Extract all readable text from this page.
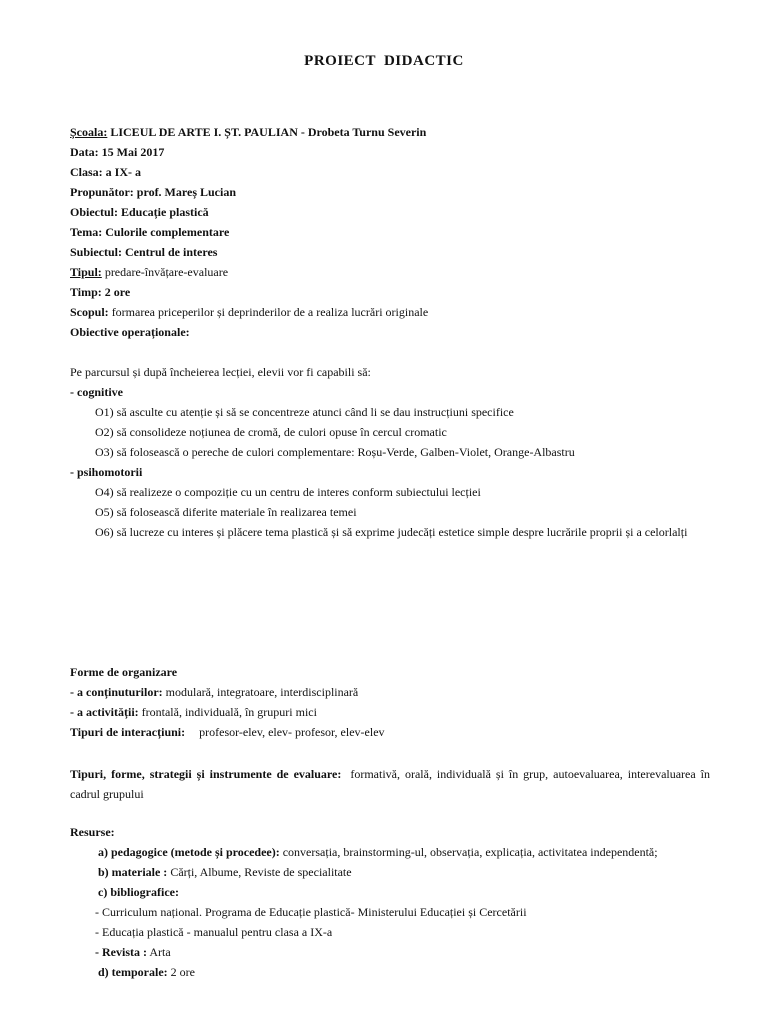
PROIECT DIDACTIC
Școala: LICEUL DE ARTE I. ȘT. PAULIAN - Drobeta Turnu Severin
Data: 15 Mai 2017
Clasa: a IX- a
Propunător: prof. Mareș Lucian
Obiectul: Educație plastică
Tema: Culorile complementare
Subiectul: Centrul de interes
Tipul: predare-învățare-evaluare
Timp: 2 ore
Scopul: formarea priceperilor și deprinderilor de a realiza lucrări originale
Obiective operaționale:
Pe parcursul și după încheierea lecției, elevii vor fi capabili să:
- cognitive
O1) să asculte cu atenție și să se concentreze atunci când li se dau instrucțiuni specifice
O2) să consolideze noțiunea de cromă, de culori opuse în cercul cromatic
O3) să folosească o pereche de culori complementare: Roșu-Verde, Galben-Violet, Orange-Albastru
- psihomotorii
O4) să realizeze o compoziție cu un centru de interes conform subiectului lecției
O5) să folosească diferite materiale în realizarea temei
O6) să lucreze cu interes și plăcere tema plastică și să exprime judecăți estetice simple despre lucrările proprii și a celorlalți
Forme de organizare
- a conținuturilor: modulară, integratoare, interdisciplinară
- a activității: frontală, individuală, în grupuri mici
Tipuri de interacțiuni: profesor-elev, elev- profesor, elev-elev
Tipuri, forme, strategii și instrumente de evaluare: formativă, orală, individuală și în grup, autoevaluarea, interevaluarea în cadrul grupului
Resurse:
a) pedagogice (metode și procedee): conversația, brainstorming-ul, observația, explicația, activitatea independentă;
b) materiale : Cărți, Albume, Reviste de specialitate
c) bibliografice:
- Curriculum național. Programa de Educație plastică- Ministerului Educației și Cercetării
- Educația plastică - manualul pentru clasa a IX-a
- Revista : Arta
d) temporale: 2 ore
